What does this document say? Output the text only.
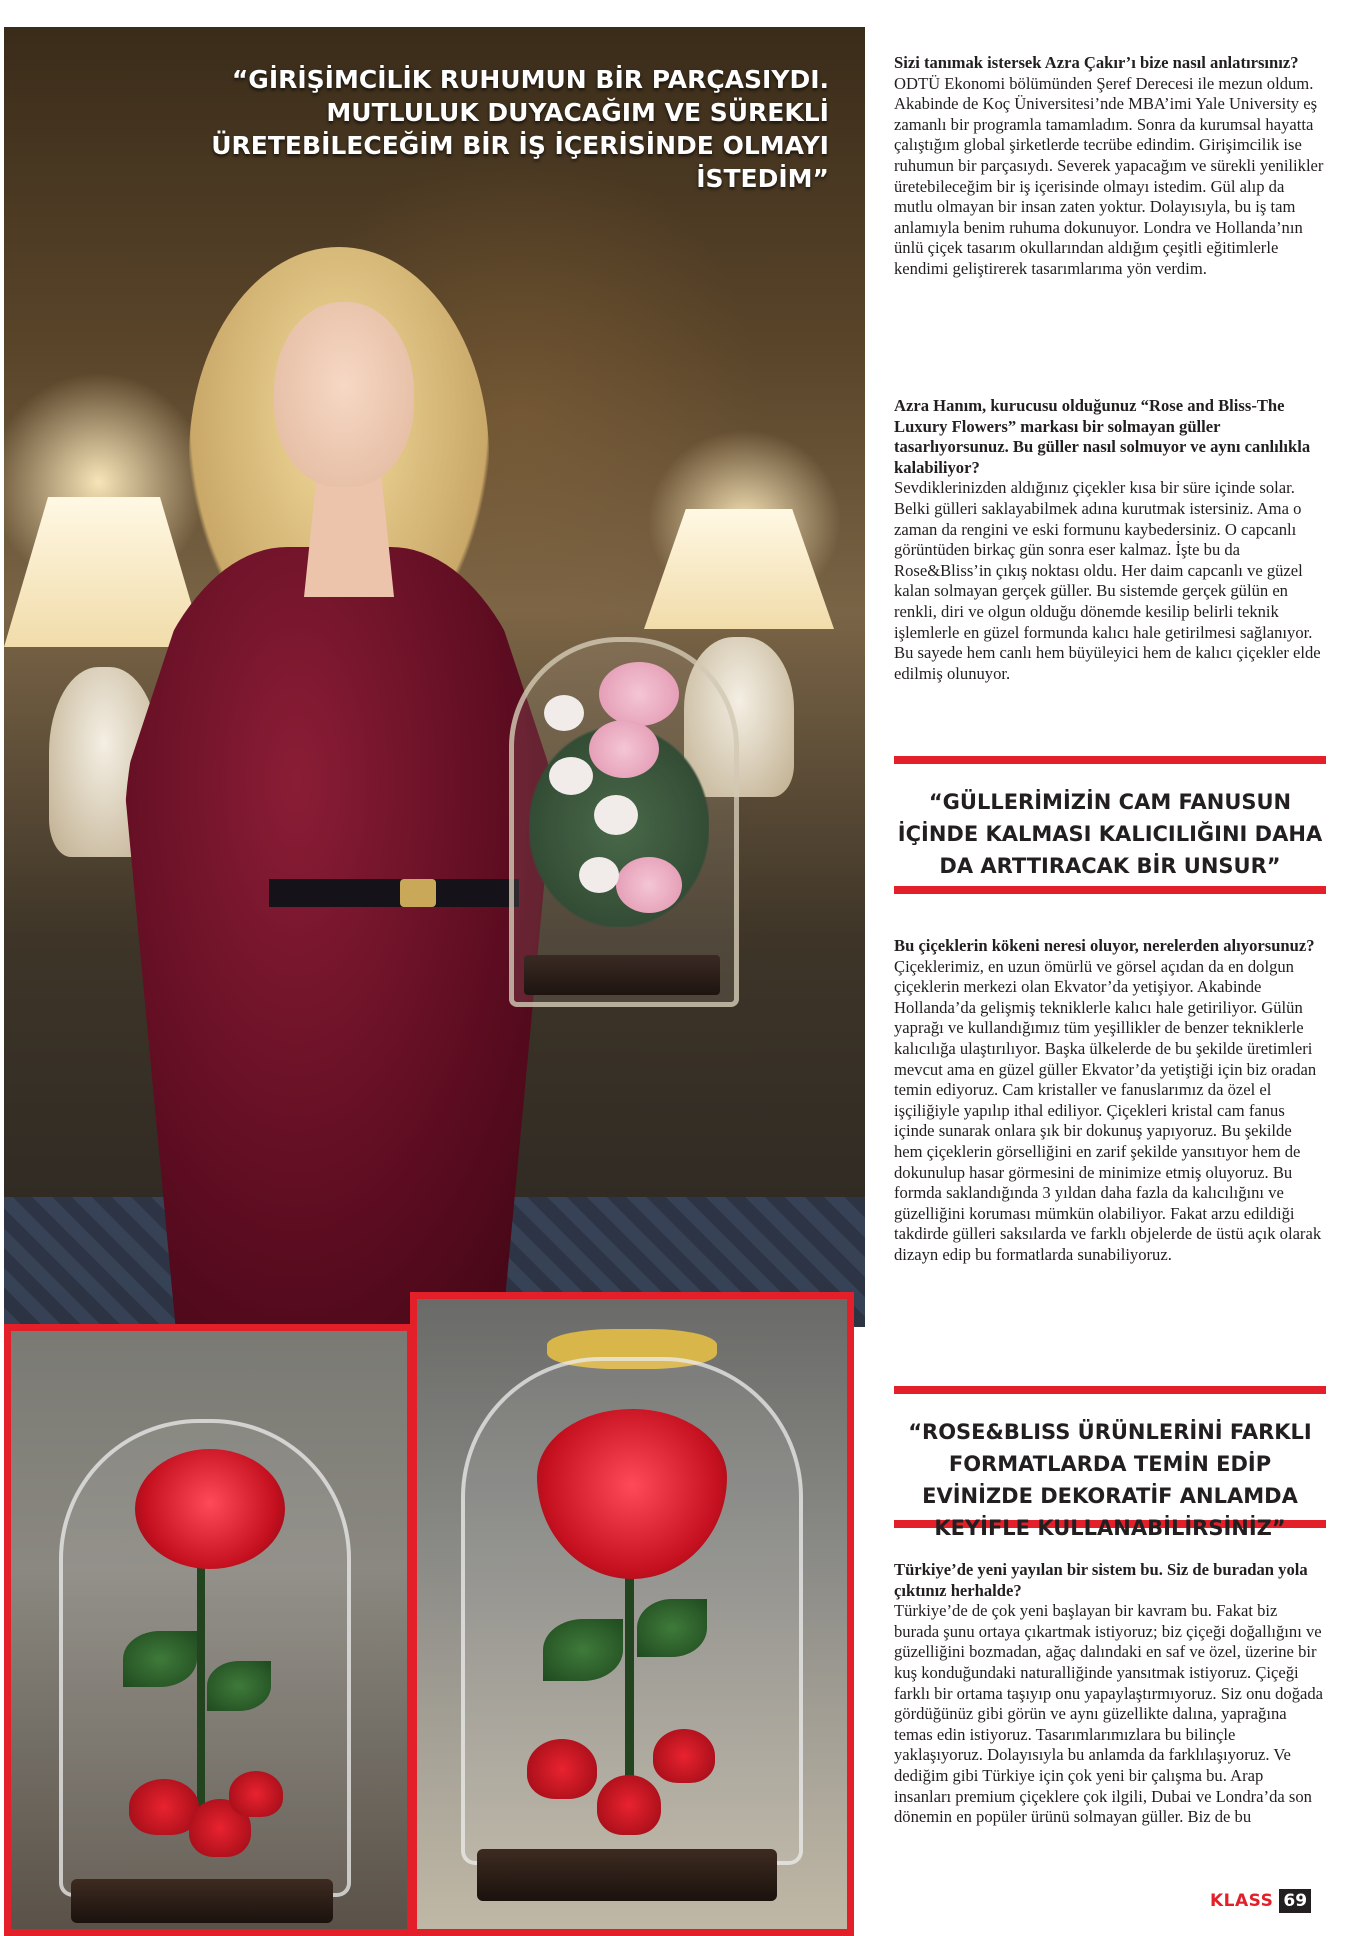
“GİRİŞİMCİLİK RUHUMUN BİR PARÇASIYDI. MUTLULUK DUYACAĞIM VE SÜREKLİ ÜRETEBİLECEĞİM BİR İŞ İÇERİSİNDE OLMAYI İSTEDİM”

Sizi tanımak istersek Azra Çakır’ı bize nasıl anlatırsınız?

ODTÜ Ekonomi bölümünden Şeref Derecesi ile mezun oldum. Akabinde de Koç Üniversitesi’nde MBA’imi Yale University eş zamanlı bir programla tamamladım. Sonra da kurumsal hayatta çalıştığım global şirketlerde tecrübe edindim. Girişimcilik ise ruhumun bir parçasıydı. Severek yapacağım ve sürekli yenilikler üretebileceğim bir iş içerisinde olmayı istedim. Gül alıp da mutlu olmayan bir insan zaten yoktur. Dolayısıyla, bu iş tam anlamıyla benim ruhuma dokunuyor. Londra ve Hollanda’nın ünlü çiçek tasarım okullarından aldığım çeşitli eğitimlerle kendimi geliştirerek tasarımlarıma yön verdim.

Azra Hanım, kurucusu olduğunuz “Rose and Bliss-The Luxury Flowers” markası bir solmayan güller tasarlıyorsunuz. Bu güller nasıl solmuyor ve aynı canlılıkla kalabiliyor?

Sevdiklerinizden aldığınız çiçekler kısa bir süre içinde solar. Belki gülleri saklayabilmek adına kurutmak istersiniz. Ama o zaman da rengini ve eski formunu kaybedersiniz. O capcanlı görüntüden birkaç gün sonra eser kalmaz. İşte bu da Rose&Bliss’in çıkış noktası oldu. Her daim capcanlı ve güzel kalan solmayan gerçek güller. Bu sistemde gerçek gülün en renkli, diri ve olgun olduğu dönemde kesilip belirli teknik işlemlerle en güzel formunda kalıcı hale getirilmesi sağlanıyor. Bu sayede hem canlı hem büyüleyici hem de kalıcı çiçekler elde edilmiş olunuyor.

“GÜLLERİMİZİN CAM FANUSUN İÇİNDE KALMASI KALICILIĞINI DAHA DA ARTTIRACAK BİR UNSUR”

Bu çiçeklerin kökeni neresi oluyor, nerelerden alıyorsunuz?

Çiçeklerimiz, en uzun ömürlü ve görsel açıdan da en dolgun çiçeklerin merkezi olan Ekvator’da yetişiyor. Akabinde Hollanda’da gelişmiş tekniklerle kalıcı hale getiriliyor. Gülün yaprağı ve kullandığımız tüm yeşillikler de benzer tekniklerle kalıcılığa ulaştırılıyor. Başka ülkelerde de bu şekilde üretimleri mevcut ama en güzel güller Ekvator’da yetiştiği için biz oradan temin ediyoruz. Cam kristaller ve fanuslarımız da özel el işçiliğiyle yapılıp ithal ediliyor. Çiçekleri kristal cam fanus içinde sunarak onlara şık bir dokunuş yapıyoruz. Bu şekilde hem çiçeklerin görselliğini en zarif şekilde yansıtıyor hem de dokunulup hasar görmesini de minimize etmiş oluyoruz. Bu formda saklandığında 3 yıldan daha fazla da kalıcılığını ve güzelliğini koruması mümkün olabiliyor. Fakat arzu edildiği takdirde gülleri saksılarda ve farklı objelerde de üstü açık olarak dizayn edip bu formatlarda sunabiliyoruz.

“ROSE&BLISS ÜRÜNLERİNİ FARKLI FORMATLARDA TEMİN EDİP EVİNİZDE DEKORATİF ANLAMDA KEYİFLE KULLANABİLİRSİNİZ”

Türkiye’de yeni yayılan bir sistem bu. Siz de buradan yola çıktınız herhalde?

Türkiye’de de çok yeni başlayan bir kavram bu. Fakat biz burada şunu ortaya çıkartmak istiyoruz; biz çiçeği doğallığını ve güzelliğini bozmadan, ağaç dalındaki en saf ve özel, üzerine bir kuş konduğundaki naturalliğinde yansıtmak istiyoruz. Çiçeği farklı bir ortama taşıyıp onu yapaylaştırmıyoruz. Siz onu doğada gördüğünüz gibi görün ve aynı güzellikte dalına, yaprağına temas edin istiyoruz. Tasarımlarımızlara bu bilinçle yaklaşıyoruz. Dolayısıyla bu anlamda da farklılaşıyoruz. Ve dediğim gibi Türkiye için çok yeni bir çalışma bu. Arap insanları premium çiçeklere çok ilgili, Dubai ve Londra’da son dönemin en popüler ürünü solmayan güller. Biz de bu

KLASS 69
